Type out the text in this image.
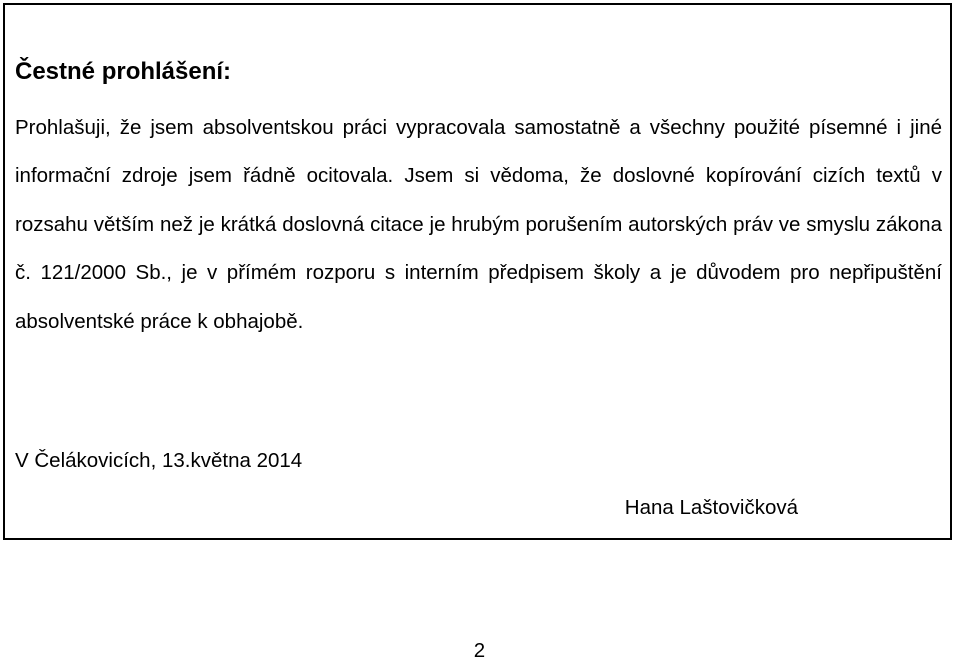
Čestné prohlášení:

Prohlašuji, že jsem absolventskou práci vypracovala samostatně a všechny použité písemné i jiné informační zdroje jsem řádně ocitovala. Jsem si vědoma, že doslovné kopírování cizích textů v rozsahu větším než je krátká doslovná citace je hrubým porušením autorských práv ve smyslu zákona č. 121/2000 Sb., je v přímém rozporu s interním předpisem školy a je důvodem pro nepřipuštění absolventské práce k obhajobě.

V Čelákovicích, 13.května 2014
Hana Laštovičková
2
